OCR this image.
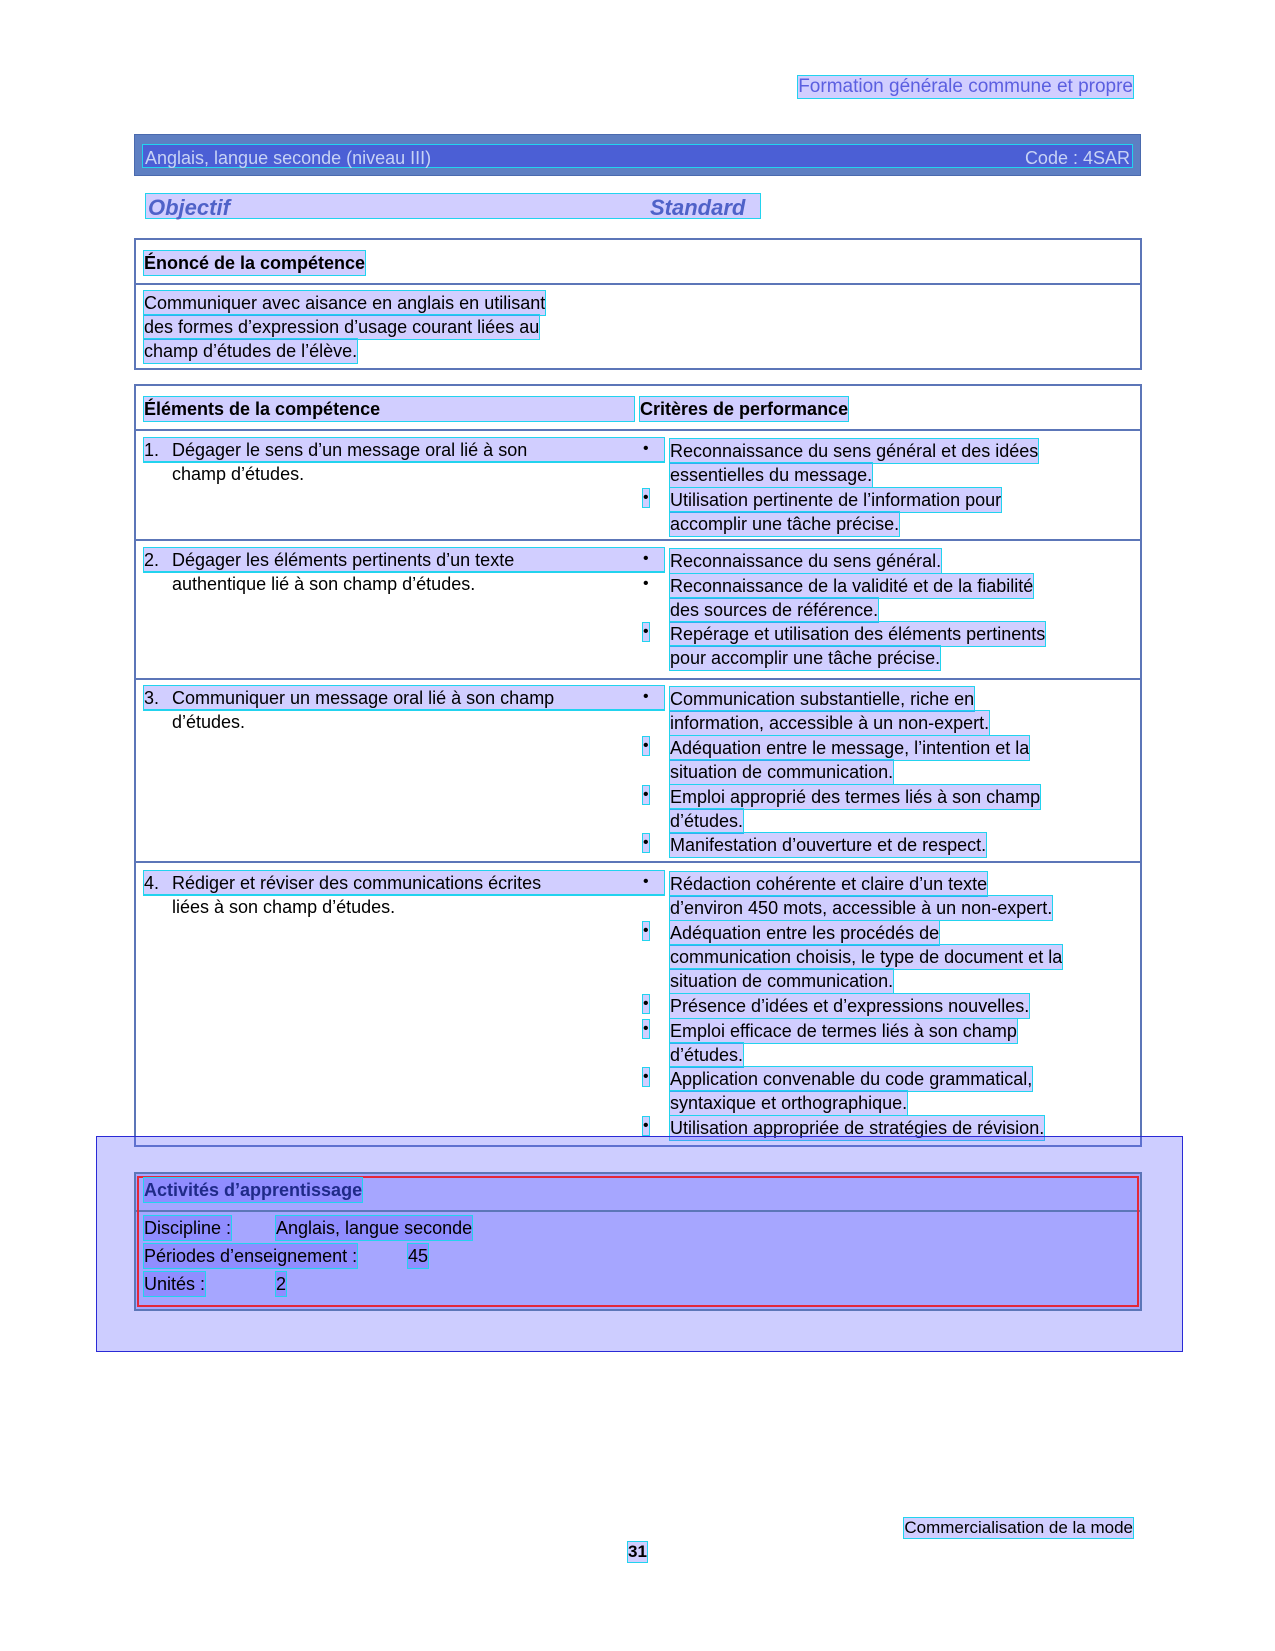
Formation générale commune et propre
Anglais, langue seconde (niveau III)	Code : 4SAR
Objectif	Standard
Énoncé de la compétence
Communiquer avec aisance en anglais en utilisant
des formes d’expression d’usage courant liées au
champ d’études de l’élève.
Éléments de la compétence	Critères de performance
1. Dégager le sens d’un message oral lié à son
champ d’études.
• Reconnaissance du sens général et des idées
essentielles du message.
• Utilisation pertinente de l’information pour
accomplir une tâche précise.
2. Dégager les éléments pertinents d’un texte
authentique lié à son champ d’études.
• Reconnaissance du sens général.
• Reconnaissance de la validité et de la fiabilité
des sources de référence.
• Repérage et utilisation des éléments pertinents
pour accomplir une tâche précise.
3. Communiquer un message oral lié à son champ
d’études.
• Communication substantielle, riche en
information, accessible à un non-expert.
• Adéquation entre le message, l’intention et la
situation de communication.
• Emploi approprié des termes liés à son champ
d’études.
• Manifestation d’ouverture et de respect.
4. Rédiger et réviser des communications écrites
liées à son champ d’études.
• Rédaction cohérente et claire d’un texte
d’environ 450 mots, accessible à un non-expert.
• Adéquation entre les procédés de
communication choisis, le type de document et la
situation de communication.
• Présence d’idées et d’expressions nouvelles.
• Emploi efficace de termes liés à son champ
d’études.
• Application convenable du code grammatical,
syntaxique et orthographique.
• Utilisation appropriée de stratégies de révision.
Activités d’apprentissage
Discipline : Anglais, langue seconde
Périodes d’enseignement :	45
Unités :	2
Commercialisation de la mode
31
